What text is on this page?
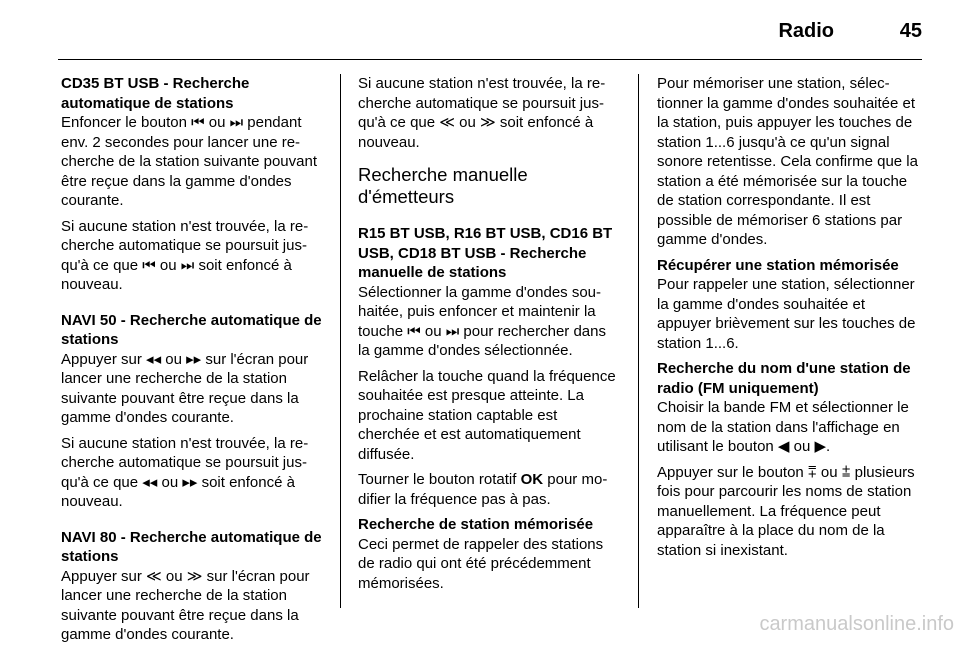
Radio	45

CD35 BT USB - Recherche automatique de stations

Enfoncer le bouton ⏮ ou ⏭ pendant env. 2 secondes pour lancer une recherche de la station suivante pouvant être reçue dans la gamme d'ondes courante.

Si aucune station n'est trouvée, la recherche automatique se poursuit jusqu'à ce que ⏮ ou ⏭ soit enfoncé à nouveau.

NAVI 50 - Recherche automatique de stations

Appuyer sur ◂◂ ou ▸▸ sur l'écran pour lancer une recherche de la station suivante pouvant être reçue dans la gamme d'ondes courante.

Si aucune station n'est trouvée, la recherche automatique se poursuit jusqu'à ce que ◂◂ ou ▸▸ soit enfoncé à nouveau.

NAVI 80 - Recherche automatique de stations

Appuyer sur ≪ ou ≫ sur l'écran pour lancer une recherche de la station suivante pouvant être reçue dans la gamme d'ondes courante.

Si aucune station n'est trouvée, la recherche automatique se poursuit jusqu'à ce que ≪ ou ≫ soit enfoncé à nouveau.

Recherche manuelle d'émetteurs

R15 BT USB, R16 BT USB, CD16 BT USB, CD18 BT USB - Recherche manuelle de stations

Sélectionner la gamme d'ondes souhaitée, puis enfoncer et maintenir la touche ⏮ ou ⏭ pour rechercher dans la gamme d'ondes sélectionnée.

Relâcher la touche quand la fréquence souhaitée est presque atteinte. La prochaine station captable est cherchée et est automatiquement diffusée.

Tourner le bouton rotatif OK pour modifier la fréquence pas à pas.

Recherche de station mémorisée

Ceci permet de rappeler des stations de radio qui ont été précédemment mémorisées.

Pour mémoriser une station, sélectionner la gamme d'ondes souhaitée et la station, puis appuyer les touches de station 1...6 jusqu'à ce qu'un signal sonore retentisse. Cela confirme que la station a été mémorisée sur la touche de station correspondante. Il est possible de mémoriser 6 stations par gamme d'ondes.

Récupérer une station mémorisée

Pour rappeler une station, sélectionner la gamme d'ondes souhaitée et appuyer brièvement sur les touches de station 1...6.

Recherche du nom d'une station de radio (FM uniquement)

Choisir la bande FM et sélectionner le nom de la station dans l'affichage en utilisant le bouton ◀ ou ▶.

Appuyer sur le bouton ⩱ ou ⩲ plusieurs fois pour parcourir les noms de station manuellement. La fréquence peut apparaître à la place du nom de la station si inexistant.

carmanualsonline.info
